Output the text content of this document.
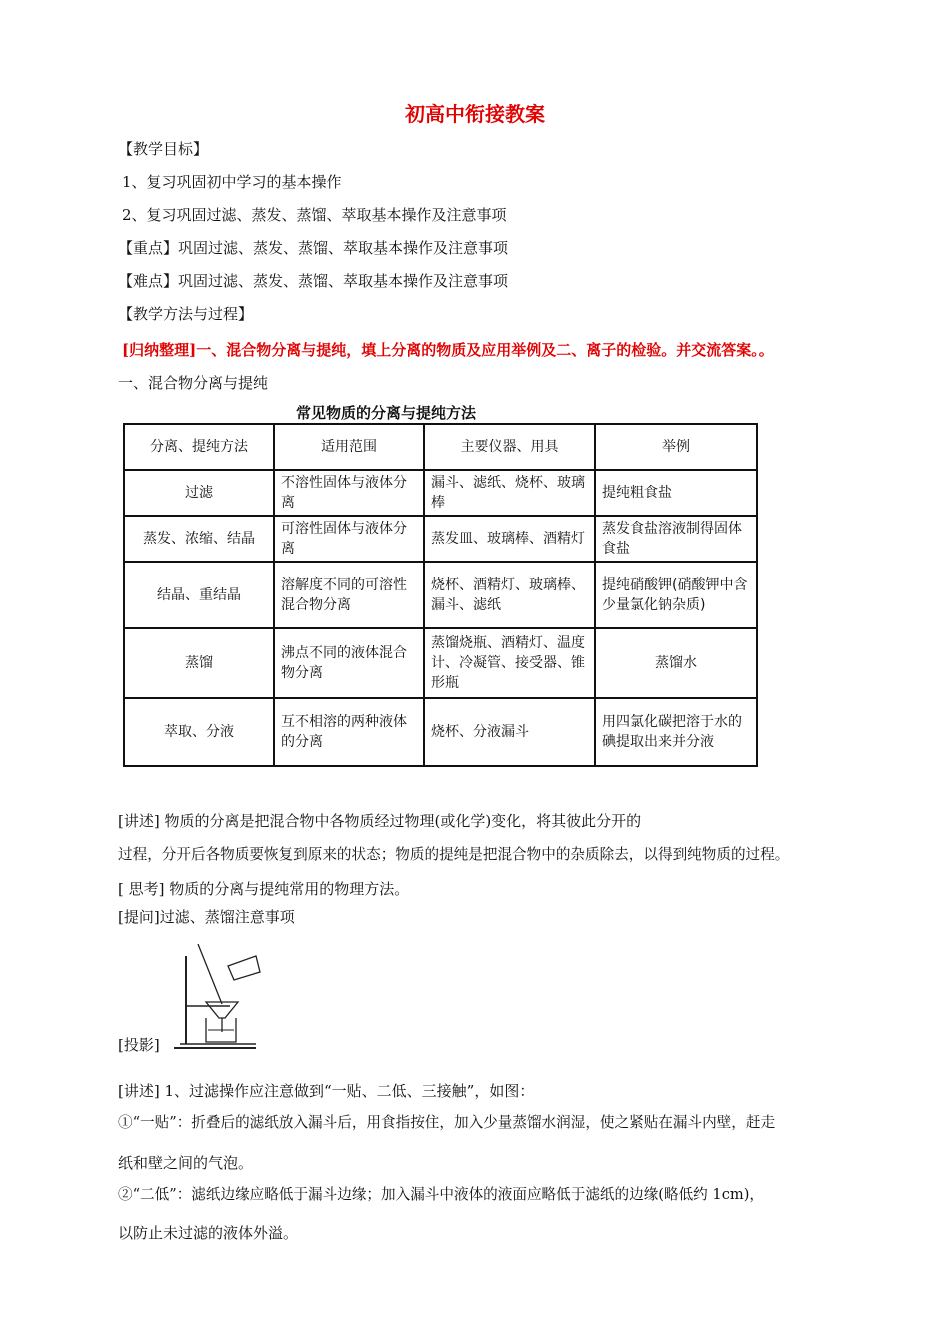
初高中衔接教案
【教学目标】
1、复习巩固初中学习的基本操作
2、复习巩固过滤、蒸发、蒸馏、萃取基本操作及注意事项
【重点】巩固过滤、蒸发、蒸馏、萃取基本操作及注意事项
【难点】巩固过滤、蒸发、蒸馏、萃取基本操作及注意事项
【教学方法与过程】
[归纳整理]一、混合物分离与提纯，填上分离的物质及应用举例及二、离子的检验。并交流答案。。
一、混合物分离与提纯
常见物质的分离与提纯方法
分离、提纯方法	适用范围	主要仪器、用具	举例
过滤	不溶性固体与液体分离	漏斗、滤纸、烧杯、玻璃棒	提纯粗食盐
蒸发、浓缩、结晶	可溶性固体与液体分离	蒸发皿、玻璃棒、酒精灯	蒸发食盐溶液制得固体食盐
结晶、重结晶	溶解度不同的可溶性混合物分离	烧杯、酒精灯、玻璃棒、漏斗、滤纸	提纯硝酸钾(硝酸钾中含少量氯化钠杂质)
蒸馏	沸点不同的液体混合物分离	蒸馏烧瓶、酒精灯、温度计、冷凝管、接受器、锥形瓶	蒸馏水
萃取、分液	互不相溶的两种液体的分离	烧杯、分液漏斗	用四氯化碳把溶于水的碘提取出来并分液
[讲述] 物质的分离是把混合物中各物质经过物理(或化学)变化，将其彼此分开的
过程，分开后各物质要恢复到原来的状态；物质的提纯是把混合物中的杂质除去，以得到纯物质的过程。
[ 思考] 物质的分离与提纯常用的物理方法。
[提问]过滤、蒸馏注意事项
[投影]
[讲述] 1、过滤操作应注意做到“一贴、二低、三接触”，如图：
①“一贴”：折叠后的滤纸放入漏斗后，用食指按住，加入少量蒸馏水润湿，使之紧贴在漏斗内壁，赶走
纸和壁之间的气泡。
②“二低”：滤纸边缘应略低于漏斗边缘；加入漏斗中液体的液面应略低于滤纸的边缘(略低约 1cm)，
以防止未过滤的液体外溢。
